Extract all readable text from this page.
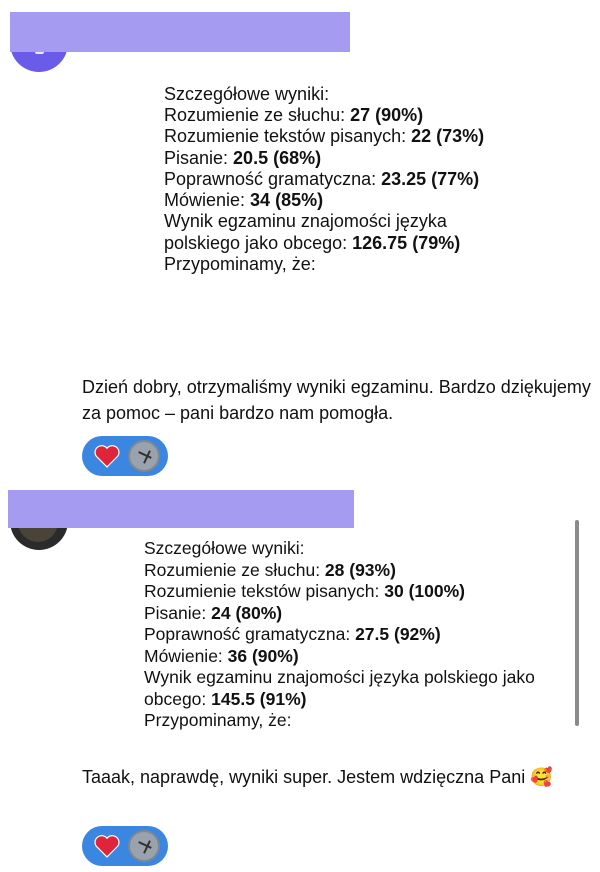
Szczegółowe wyniki:
Rozumienie ze słuchu: 27 (90%)
Rozumienie tekstów pisanych: 22 (73%)
Pisanie: 20.5 (68%)
Poprawność gramatyczna: 23.25 (77%)
Mówienie: 34 (85%)
Wynik egzaminu znajomości języka polskiego jako obcego: 126.75 (79%)
Przypominamy, że:
Dzień dobry, otrzymaliśmy wyniki egzaminu. Bardzo dziękujemy za pomoc – pani bardzo nam pomogła.
Szczegółowe wyniki:
Rozumienie ze słuchu: 28 (93%)
Rozumienie tekstów pisanych: 30 (100%)
Pisanie: 24 (80%)
Poprawność gramatyczna: 27.5 (92%)
Mówienie: 36 (90%)
Wynik egzaminu znajomości języka polskiego jako obcego: 145.5 (91%)
Przypominamy, że:
Taaak, naprawdę, wyniki super. Jestem wdzięczna Pani 🥰
